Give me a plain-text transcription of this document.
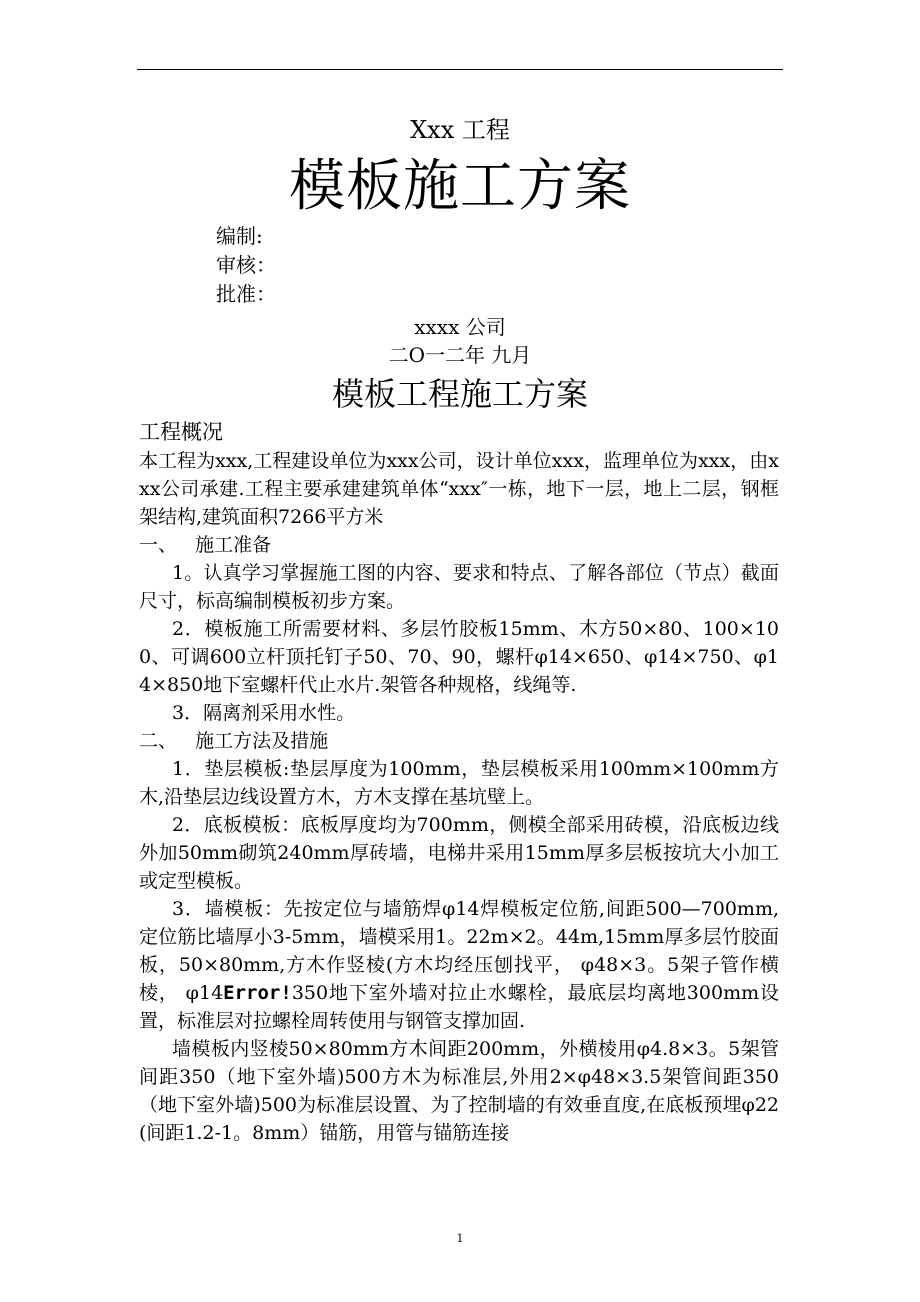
Xxx 工程
模板施工方案
编制:
审核：
批准：
xxxx 公司
二O一二年 九月
模板工程施工方案

工程概况

本工程为xxx,工程建设单位为xxx公司，设计单位xxx，监理单位为xxx，由xxx公司承建.工程主要承建建筑单体“xxx″一栋，地下一层，地上二层，钢框架结构,建筑面积7266平方米

一、   施工准备

1。认真学习掌握施工图的内容、要求和特点、了解各部位（节点）截面尺寸，标高编制模板初步方案。

2．模板施工所需要材料、多层竹胶板15mm、木方50×80、100×100、可调600立杆顶托钉子50、70、90，螺杆φ14×650、φ14×750、φ14×850地下室螺杆代止水片.架管各种规格，线绳等.

3．隔离剂采用水性。

二、   施工方法及措施

1．垫层模板:垫层厚度为100mm，垫层模板采用100mm×100mm方木,沿垫层边线设置方木，方木支撑在基坑壁上。

2．底板模板：底板厚度均为700mm，侧模全部采用砖模，沿底板边线外加50mm砌筑240mm厚砖墙，电梯井采用15mm厚多层板按坑大小加工或定型模板。

3．墙模板：先按定位与墙筋焊φ14焊模板定位筋,间距500—700mm,定位筋比墙厚小3-5mm，墙模采用1。22m×2。44m,15mm厚多层竹胶面板，50×80mm,方木作竖棱(方木均经压刨找平， φ48×3。5架子管作横棱， φ14Error!350地下室外墙对拉止水螺栓，最底层均离地300mm设置，标准层对拉螺栓周转使用与钢管支撑加固.

墙模板内竖棱50×80mm方木间距200mm，外横棱用φ4.8×3。5架管间距350（地下室外墙)500方木为标准层,外用2×φ48×3.5架管间距350（地下室外墙)500为标准层设置、为了控制墙的有效垂直度,在底板预埋φ22(间距1.2-1。8mm）锚筋，用管与锚筋连接

1
